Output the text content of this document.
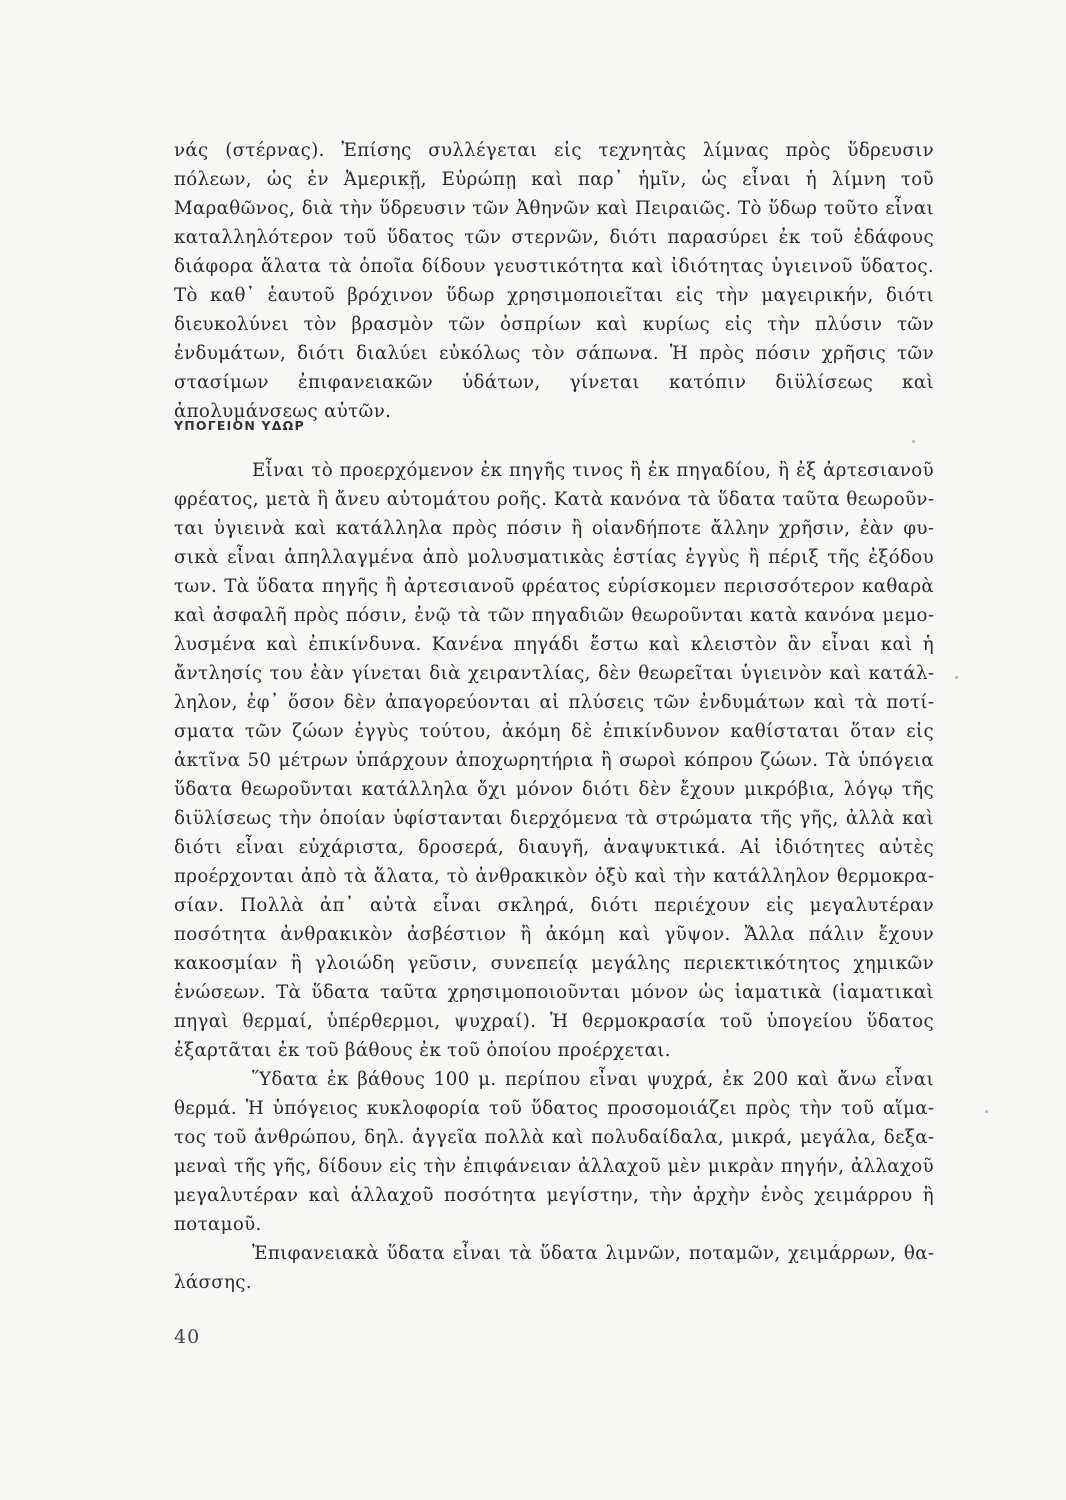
νάς (στέρνας). Ἐπίσης συλλέγεται εἰς τεχνητὰς λίμνας πρὸς ὕδρευσιν πόλεων, ὡς ἐν Ἀμερικῇ, Εὐρώπῃ καὶ παρ᾽ ἡμῖν, ὡς εἶναι ἡ λίμνη τοῦ Μαραθῶνος, διὰ τὴν ὕδρευσιν τῶν Ἀθηνῶν καὶ Πειραιῶς. Τὸ ὕδωρ τοῦτο εἶναι καταλληλότερον τοῦ ὕδατος τῶν στερνῶν, διότι παρασύρει ἐκ τοῦ ἐδάφους διάφορα ἅλατα τὰ ὁποῖα δίδουν γευστικότητα καὶ ἰδιότητας ὑγιεινοῦ ὕδατος. Τὸ καθ᾽ ἑαυτοῦ βρόχινον ὕδωρ χρησιμοποιεῖται εἰς τὴν μαγειρικήν, διότι διευκολύνει τὸν βρασμὸν τῶν ὀσπρίων καὶ κυρίως εἰς τὴν πλύσιν τῶν ἐνδυμάτων, διότι διαλύει εὐκόλως τὸν σάπωνα. Ἡ πρὸς πόσιν χρῆσις τῶν στασίμων ἐπιφανειακῶν ὑδάτων, γίνεται κατόπιν διϋλίσεως καὶ ἀπολυμάνσεως αὐτῶν.

ΥΠΟΓΕΙΟΝ ΥΔΩΡ

Εἶναι τὸ προερχόμενον ἐκ πηγῆς τινος ἢ ἐκ πηγαδίου, ἢ ἐξ ἀρτεσιανοῦ φρέατος, μετὰ ἢ ἄνευ αὐτομάτου ροῆς. Κατὰ κανόνα τὰ ὕδατα ταῦτα θεωροῦνται ὑγιεινὰ καὶ κατάλληλα πρὸς πόσιν ἢ οἱανδήποτε ἄλλην χρῆσιν, ἐὰν φυσικὰ εἶναι ἀπηλλαγμένα ἀπὸ μολυσματικὰς ἑστίας ἐγγὺς ἢ πέριξ τῆς ἐξόδου των. Τὰ ὕδατα πηγῆς ἢ ἀρτεσιανοῦ φρέατος εὑρίσκομεν περισσότερον καθαρὰ καὶ ἀσφαλῆ πρὸς πόσιν, ἐνῷ τὰ τῶν πηγαδιῶν θεωροῦνται κατὰ κανόνα μεμολυσμένα καὶ ἐπικίνδυνα. Κανένα πηγάδι ἔστω καὶ κλειστὸν ἂν εἶναι καὶ ἡ ἄντλησίς του ἐὰν γίνεται διὰ χειραντλίας, δὲν θεωρεῖται ὑγιεινὸν καὶ κατάλληλον, ἐφ᾽ ὅσον δὲν ἀπαγορεύονται αἱ πλύσεις τῶν ἐνδυμάτων καὶ τὰ ποτίσματα τῶν ζώων ἐγγὺς τούτου, ἀκόμη δὲ ἐπικίνδυνον καθίσταται ὅταν εἰς ἀκτῖνα 50 μέτρων ὑπάρχουν ἀποχωρητήρια ἢ σωροὶ κόπρου ζώων. Τὰ ὑπόγεια ὕδατα θεωροῦνται κατάλληλα ὄχι μόνον διότι δὲν ἔχουν μικρόβια, λόγῳ τῆς διϋλίσεως τὴν ὁποίαν ὑφίστανται διερχόμενα τὰ στρώματα τῆς γῆς, ἀλλὰ καὶ διότι εἶναι εὐχάριστα, δροσερά, διαυγῆ, ἀναψυκτικά. Αἱ ἰδιότητες αὐτὲς προέρχονται ἀπὸ τὰ ἅλατα, τὸ ἀνθρακικὸν ὀξὺ καὶ τὴν κατάλληλον θερμοκρασίαν. Πολλὰ ἀπ᾽ αὐτὰ εἶναι σκληρά, διότι περιέχουν εἰς μεγαλυτέραν ποσότητα ἀνθρακικὸν ἀσβέστιον ἢ ἀκόμη καὶ γῦψον. Ἄλλα πάλιν ἔχουν κακοσμίαν ἢ γλοιώδη γεῦσιν, συνεπείᾳ μεγάλης περιεκτικότητος χημικῶν ἑνώσεων. Τὰ ὕδατα ταῦτα χρησιμοποιοῦνται μόνον ὡς ἰαματικὰ (ἰαματικαὶ πηγαὶ θερμαί, ὑπέρθερμοι, ψυχραί). Ἡ θερμοκρασία τοῦ ὑπογείου ὕδατος ἐξαρτᾶται ἐκ τοῦ βάθους ἐκ τοῦ ὁποίου προέρχεται.

Ὕδατα ἐκ βάθους 100 μ. περίπου εἶναι ψυχρά, ἐκ 200 καὶ ἄνω εἶναι θερμά. Ἡ ὑπόγειος κυκλοφορία τοῦ ὕδατος προσομοιάζει πρὸς τὴν τοῦ αἵματος τοῦ ἀνθρώπου, δηλ. ἀγγεῖα πολλὰ καὶ πολυδαίδαλα, μικρά, μεγάλα, δεξαμεναὶ τῆς γῆς, δίδουν εἰς τὴν ἐπιφάνειαν ἀλλαχοῦ μὲν μικρὰν πηγήν, ἀλλαχοῦ μεγαλυτέραν καὶ ἀλλαχοῦ ποσότητα μεγίστην, τὴν ἀρχὴν ἑνὸς χειμάρρου ἢ ποταμοῦ.

Ἐπιφανειακὰ ὕδατα εἶναι τὰ ὕδατα λιμνῶν, ποταμῶν, χειμάρρων, θαλάσσης.

40
